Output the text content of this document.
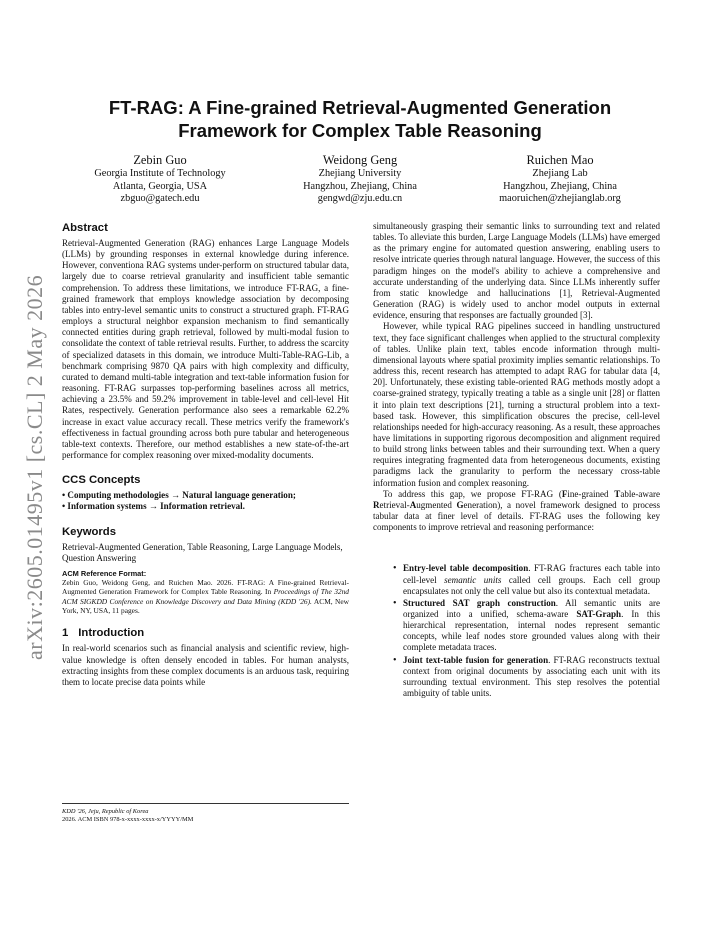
arXiv:2605.01495v1 [cs.CL] 2 May 2026
FT-RAG: A Fine-grained Retrieval-Augmented Generation
Framework for Complex Table Reasoning
Zebin Guo
Georgia Institute of Technology
Atlanta, Georgia, USA
zbguo@gatech.edu
Weidong Geng
Zhejiang University
Hangzhou, Zhejiang, China
gengwd@zju.edu.cn
Ruichen Mao
Zhejiang Lab
Hangzhou, Zhejiang, China
maoruichen@zhejianglab.org
Abstract

Retrieval-Augmented Generation (RAG) enhances Large Language Models (LLMs) by grounding responses in external knowledge during inference. However, conventiona RAG systems under-perform on structured tabular data, largely due to coarse retrieval granularity and insufficient table semantic comprehension. To address these limitations, we introduce FT-RAG, a fine-grained framework that employs knowledge association by decomposing tables into entry-level semantic units to construct a structured graph. FT-RAG employs a structural neighbor expansion mechanism to find semantically connected entities during graph retrieval, followed by multi-modal fusion to consolidate the context of table retrieval results. Further, to address the scarcity of specialized datasets in this domain, we introduce Multi-Table-RAG-Lib, a benchmark comprising 9870 QA pairs with high complexity and difficulty, curated to demand multi-table integration and text-table information fusion for reasoning. FT-RAG surpasses top-performing baselines across all metrics, achieving a 23.5% and 59.2% improvement in table-level and cell-level Hit Rates, respectively. Generation performance also sees a remarkable 62.2% increase in exact value accuracy recall. These metrics verify the framework's effectiveness in factual grounding across both pure tabular and heterogeneous table-text contexts. Therefore, our method establishes a new state-of-the-art performance for complex reasoning over mixed-modality documents.

CCS Concepts
• Computing methodologies → Natural language generation;
• Information systems → Information retrieval.
Keywords

Retrieval-Augmented Generation, Table Reasoning, Large Language Models, Question Answering

ACM Reference Format:
Zebin Guo, Weidong Geng, and Ruichen Mao. 2026. FT-RAG: A Fine-grained Retrieval-Augmented Generation Framework for Complex Table Reasoning. In Proceedings of The 32nd ACM SIGKDD Conference on Knowledge Discovery and Data Mining (KDD '26). ACM, New York, NY, USA, 11 pages.
1 Introduction

In real-world scenarios such as financial analysis and scientific review, high-value knowledge is often densely encoded in tables. For human analysts, extracting insights from these complex documents is an arduous task, requiring them to locate precise data points while

KDD '26, Jeju, Republic of Korea
2026. ACM ISBN 978-x-xxxx-xxxx-x/YYYY/MM

simultaneously grasping their semantic links to surrounding text and related tables. To alleviate this burden, Large Language Models (LLMs) have emerged as the primary engine for automated question answering, enabling users to resolve intricate queries through natural language. However, the success of this paradigm hinges on the model's ability to achieve a comprehensive and accurate understanding of the underlying data. Since LLMs inherently suffer from static knowledge and hallucinations [1], Retrieval-Augmented Generation (RAG) is widely used to anchor model outputs in external evidence, ensuring that responses are factually grounded [3].

However, while typical RAG pipelines succeed in handling unstructured text, they face significant challenges when applied to the structural complexity of tables. Unlike plain text, tables encode information through multi-dimensional layouts where spatial proximity implies semantic relationships. To address this, recent research has attempted to adapt RAG for tabular data [4, 20]. Unfortunately, these existing table-oriented RAG methods mostly adopt a coarse-grained strategy, typically treating a table as a single unit [28] or flatten it into plain text descriptions [21], turning a structural problem into a text-based task. However, this simplification obscures the precise, cell-level relationships needed for high-accuracy reasoning. As a result, these approaches have limitations in supporting rigorous decomposition and alignment required to build strong links between tables and their surrounding text. When a query requires integrating fragmented data from heterogeneous documents, existing paradigms lack the granularity to perform the necessary cross-table information fusion and complex reasoning.

To address this gap, we propose FT-RAG (Fine-grained Table-aware Retrieval-Augmented Generation), a novel framework designed to process tabular data at finer level of details. FT-RAG uses the following key components to improve retrieval and reasoning performance:

• Entry-level table decomposition. FT-RAG fractures each table into cell-level semantic units called cell groups. Each cell group encapsulates not only the cell value but also its contextual metadata.
• Structured SAT graph construction. All semantic units are organized into a unified, schema-aware SAT-Graph. In this hierarchical representation, internal nodes represent semantic concepts, while leaf nodes store grounded values along with their complete metadata traces.
• Joint text-table fusion for generation. FT-RAG reconstructs textual context from original documents by associating each unit with its surrounding textual environment. This step resolves the potential ambiguity of table units.
